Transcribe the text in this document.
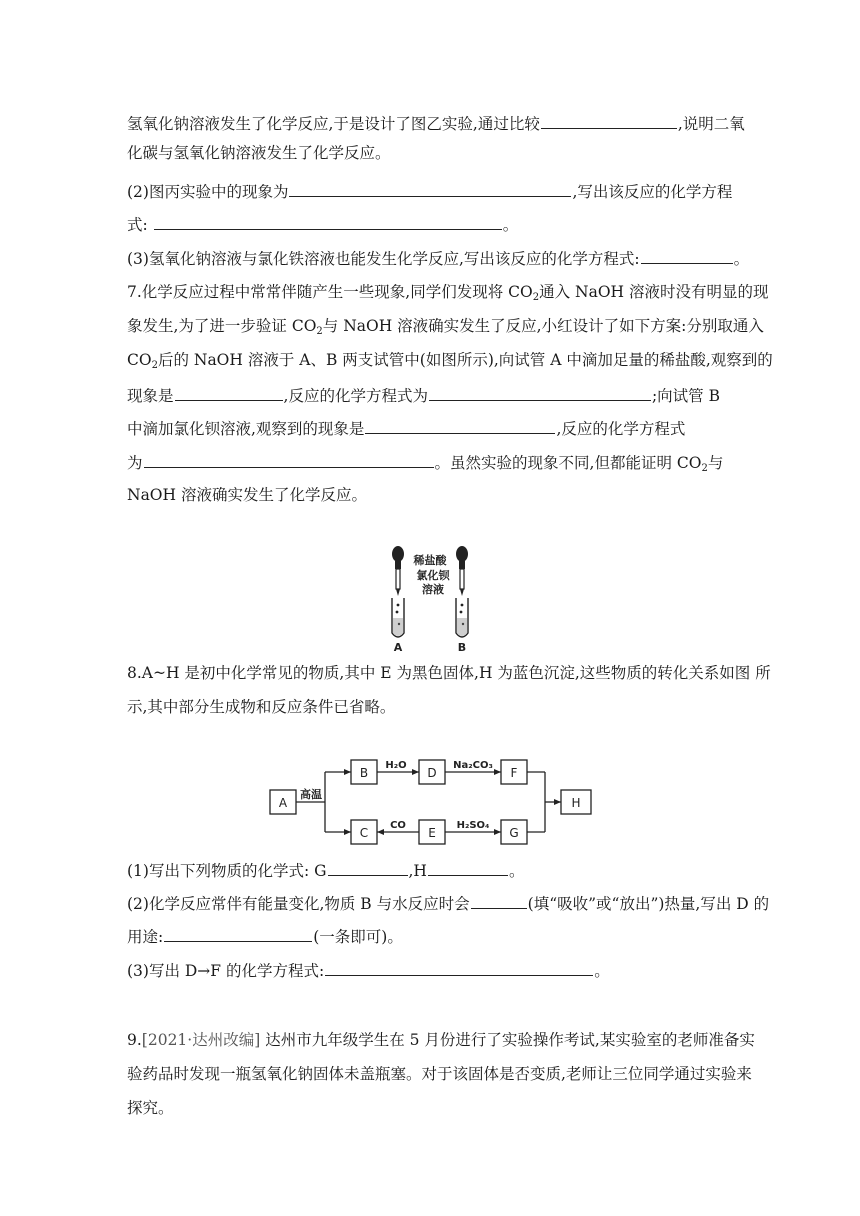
氢氧化钠溶液发生了化学反应,于是设计了图乙实验,通过比较	,说明二氧
化碳与氢氧化钠溶液发生了化学反应。
(2)图丙实验中的现象为	,写出该反应的化学方程
式:	。
(3)氢氧化钠溶液与氯化铁溶液也能发生化学反应,写出该反应的化学方程式:	。
7.化学反应过程中常常伴随产生一些现象,同学们发现将 $CO_2$通入 NaOH 溶液时没有明显的现
象发生,为了进一步验证 $CO_2$与 NaOH 溶液确实发生了反应,小红设计了如下方案:分别取通入
$CO_2$后的 NaOH 溶液于 A、B 两支试管中(如图所示),向试管 A 中滴加足量的稀盐酸,观察到的
现象是	,反应的化学方程式为	;向试管 B
中滴加氯化钡溶液,观察到的现象是	,反应的化学方程式
为	。虽然实验的现象不同,但都能证明 $CO_2$与
NaOH 溶液确实发生了化学反应。
稀盐酸
氯化钡
溶液
A	B
8.A~H 是初中化学常见的物质,其中 E 为黑色固体,H 为蓝色沉淀,这些物质的转化关系如图 所
示,其中部分生成物和反应条件已省略。
A
B	D	F
C	E	G
H
高温
H₂O	Na₂CO₃
CO	H₂SO₄
(1)写出下列物质的化学式: G	,H	。
(2)化学反应常伴有能量变化,物质 B 与水反应时会	(填“吸收”或“放出”)热量,写出 D 的
用途:	(一条即可)。
(3)写出 D→F 的化学方程式:	。
9.[2021·达州改编] 达州市九年级学生在 5 月份进行了实验操作考试,某实验室的老师准备实
验药品时发现一瓶氢氧化钠固体未盖瓶塞。对于该固体是否变质,老师让三位同学通过实验来
探究。
